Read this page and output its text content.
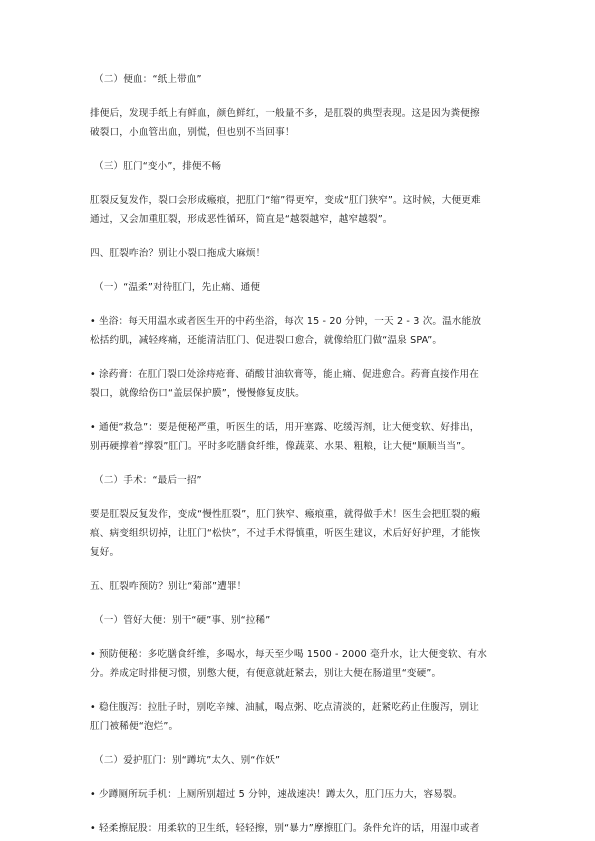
（二）便血：“纸上带血”

排便后，发现手纸上有鲜血，颜色鲜红，一般量不多，是肛裂的典型表现。这是因为粪便擦

破裂口，小血管出血，别慌，但也别不当回事！

（三）肛门“变小”，排便不畅

肛裂反复发作，裂口会形成瘢痕，把肛门“缩”得更窄，变成“肛门狭窄”。这时候，大便更难

通过，又会加重肛裂，形成恶性循环，简直是“越裂越窄，越窄越裂”。

四、肛裂咋治？别让小裂口拖成大麻烦！

（一）“温柔”对待肛门，先止痛、通便

• 坐浴：每天用温水或者医生开的中药坐浴，每次 15 - 20 分钟，一天 2 - 3 次。温水能放

松括约肌，减轻疼痛，还能清洁肛门、促进裂口愈合，就像给肛门做“温泉 SPA”。

• 涂药膏：在肛门裂口处涂痔疮膏、硝酸甘油软膏等，能止痛、促进愈合。药膏直接作用在

裂口，就像给伤口“盖层保护膜”，慢慢修复皮肤。

• 通便“救急”：要是便秘严重，听医生的话，用开塞露、吃缓泻剂，让大便变软、好排出，

别再硬撑着“撑裂”肛门。平时多吃膳食纤维，像蔬菜、水果、粗粮，让大便“顺顺当当”。

（二）手术：“最后一招”

要是肛裂反复发作，变成“慢性肛裂”，肛门狭窄、瘢痕重，就得做手术！医生会把肛裂的瘢

痕、病变组织切掉，让肛门“松快”，不过手术得慎重，听医生建议，术后好好护理，才能恢

复好。

五、肛裂咋预防？别让“菊部”遭罪！

（一）管好大便：别干“硬”事、别“拉稀”

• 预防便秘：多吃膳食纤维，多喝水，每天至少喝 1500 - 2000 毫升水，让大便变软、有水

分。养成定时排便习惯，别憋大便，有便意就赶紧去，别让大便在肠道里“变硬”。

• 稳住腹泻：拉肚子时，别吃辛辣、油腻，喝点粥、吃点清淡的，赶紧吃药止住腹泻，别让

肛门被稀便“泡烂”。

（二）爱护肛门：别“蹲坑”太久、别“作妖”

• 少蹲厕所玩手机：上厕所别超过 5 分钟，速战速决！蹲太久，肛门压力大，容易裂。

• 轻柔擦屁股：用柔软的卫生纸，轻轻擦，别“暴力”摩擦肛门。条件允许的话，用湿巾或者
